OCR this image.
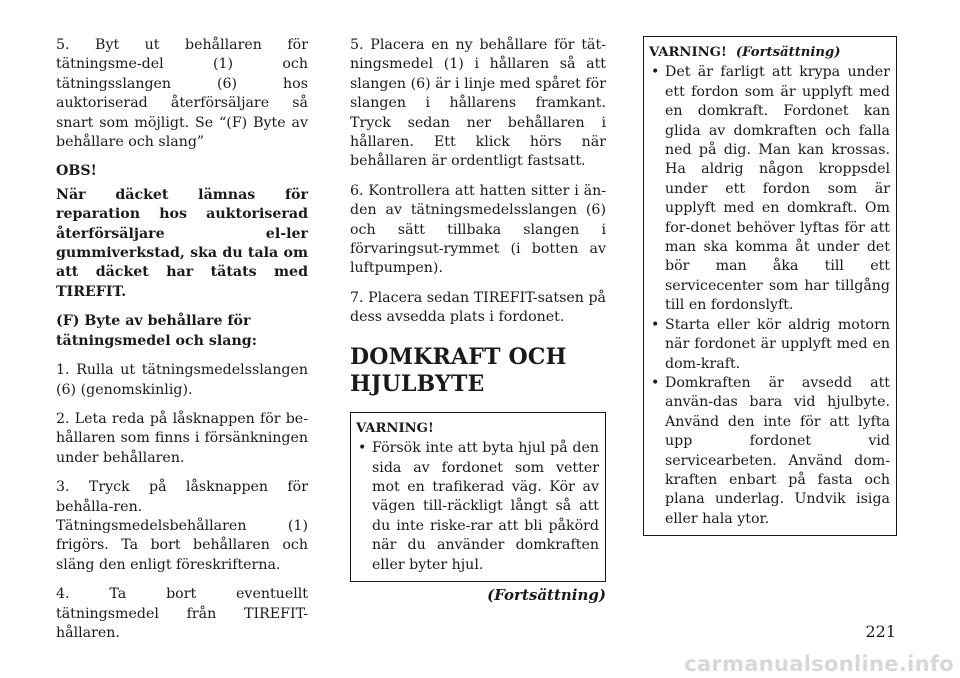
5. Byt ut behållaren för tätningsme-del (1) och tätningsslangen (6) hos auktoriserad återförsäljare så snart som möjligt. Se “(F) Byte av behållare och slang”

OBS!

När däcket lämnas för reparation hos auktoriserad återförsäljare el-ler gummiverkstad, ska du tala om att däcket har tätats med TIREFIT.

(F) Byte av behållare för tätningsmedel och slang:

1. Rulla ut tätningsmedelsslangen (6) (genomskinlig).

2. Leta reda på låsknappen för be-hållaren som finns i försänkningen under behållaren.

3. Tryck på låsknappen för behålla-ren. Tätningsmedelsbehållaren (1) frigörs. Ta bort behållaren och släng den enligt föreskrifterna.

4. Ta bort eventuellt tätningsmedel från TIREFIT-hållaren.

5. Placera en ny behållare för tät-ningsmedel (1) i hållaren så att slangen (6) är i linje med spåret för slangen i hållarens framkant. Tryck sedan ner behållaren i hållaren. Ett klick hörs när behållaren är ordentligt fastsatt.

6. Kontrollera att hatten sitter i än-den av tätningsmedelsslangen (6) och sätt tillbaka slangen i förvaringsut-rymmet (i botten av luftpumpen).

7. Placera sedan TIREFIT-satsen på dess avsedda plats i fordonet.

DOMKRAFT OCH HJULBYTE
VARNING!
• Försök inte att byta hjul på den sida av fordonet som vetter mot en trafikerad väg. Kör av vägen till-räckligt långt så att du inte riske-rar att bli påkörd när du använder domkraften eller byter hjul.
(Fortsättning)
VARNING! (Fortsättning)
• Det är farligt att krypa under ett fordon som är upplyft med en domkraft. Fordonet kan glida av domkraften och falla ned på dig. Man kan krossas. Ha aldrig någon kroppsdel under ett fordon som är upplyft med en domkraft. Om for-donet behöver lyftas för att man ska komma åt under det bör man åka till ett servicecenter som har tillgång till en fordonslyft.
• Starta eller kör aldrig motorn när fordonet är upplyft med en dom-kraft.
• Domkraften är avsedd att använ-das bara vid hjulbyte. Använd den inte för att lyfta upp fordonet vid servicearbeten. Använd dom-kraften enbart på fasta och plana underlag. Undvik isiga eller hala ytor.
221
carmanualsonline.info
